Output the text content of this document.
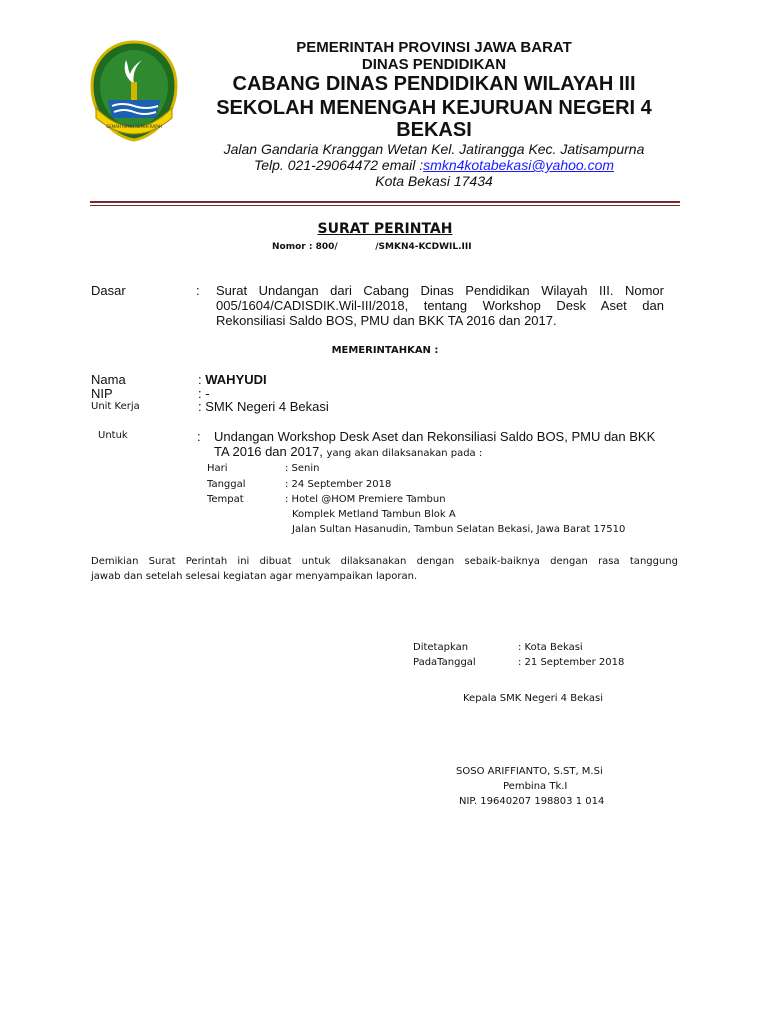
GEMAH RIPAH REPEH RAPIH
PEMERINTAH PROVINSI JAWA BARAT
DINAS PENDIDIKAN
CABANG DINAS PENDIDIKAN WILAYAH III
SEKOLAH MENENGAH KEJURUAN NEGERI 4
BEKASI
Jalan Gandaria Kranggan Wetan Kel. Jatirangga Kec. Jatisampurna
Telp. 021-29064472 email :smkn4kotabekasi@yahoo.com
Kota Bekasi 17434
SURAT PERINTAH
Nomor : 800/            /SMKN4-KCDWIL.III
Dasar	: Surat Undangan dari Cabang Dinas Pendidikan Wilayah III. Nomor
005/1604/CADISDIK.Wil-III/2018, tentang Workshop Desk Aset dan
Rekonsiliasi Saldo BOS, PMU dan BKK TA 2016 dan 2017.
MEMERINTAHKAN :
Nama	: WAHYUDI
NIP	: -
Unit Kerja	: SMK Negeri 4 Bekasi
Untuk	: Undangan Workshop Desk Aset dan Rekonsiliasi Saldo BOS, PMU dan BKK
TA 2016 dan 2017, yang akan dilaksanakan pada :
Hari	: Senin
Tanggal	: 24 September 2018
Tempat	: Hotel @HOM Premiere Tambun
Komplek Metland Tambun Blok A
Jalan Sultan Hasanudin, Tambun Selatan Bekasi, Jawa Barat 17510
Demikian Surat Perintah ini dibuat untuk dilaksanakan dengan sebaik-baiknya dengan rasa tanggung
jawab dan setelah selesai kegiatan agar menyampaikan laporan.
Ditetapkan	: Kota Bekasi
PadaTanggal	: 21 September 2018
Kepala SMK Negeri 4 Bekasi
SOSO ARIFFIANTO, S.ST, M.Si
Pembina Tk.I
NIP. 19640207 198803 1 014
